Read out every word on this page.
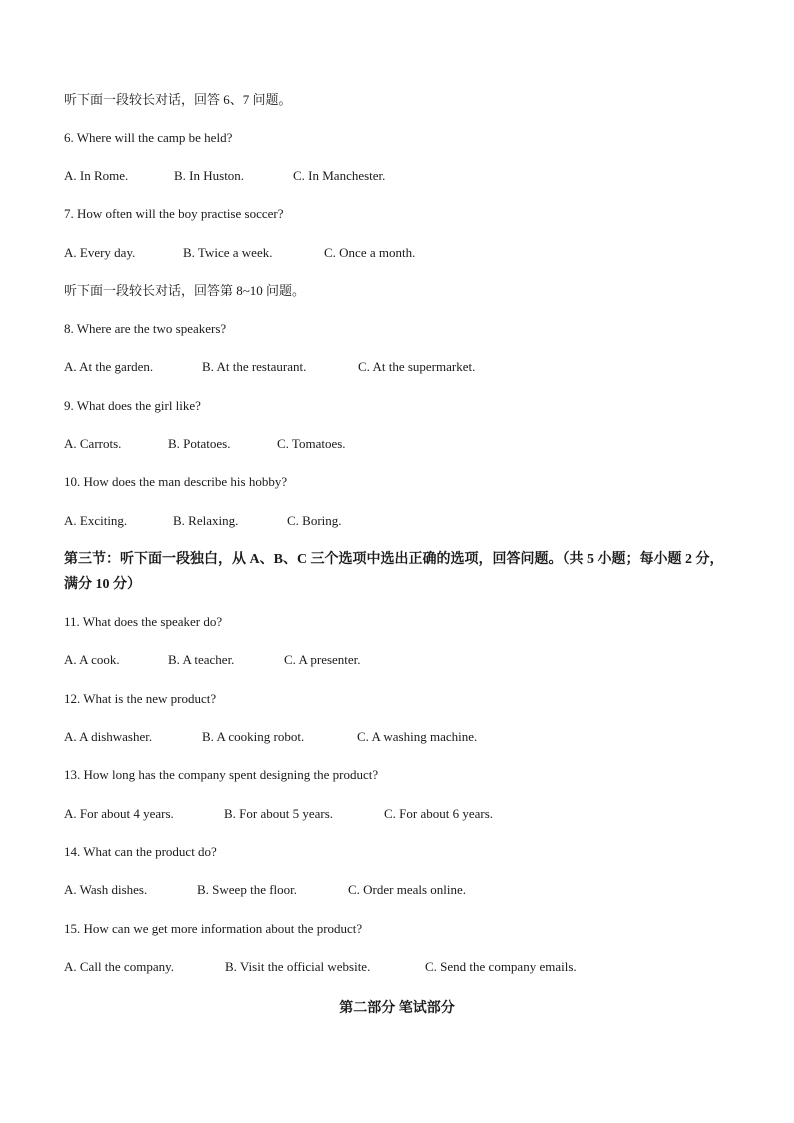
听下面一段较长对话，回答 6、7 问题。
6. Where will the camp be held?
A. In Rome.	B. In Huston.	C. In Manchester.
7. How often will the boy practise soccer?
A. Every day.	B. Twice a week.	C. Once a month.
听下面一段较长对话，回答第 8~10 问题。
8. Where are the two speakers?
A. At the garden.	B. At the restaurant.	C. At the supermarket.
9. What does the girl like?
A. Carrots.	B. Potatoes.	C. Tomatoes.
10. How does the man describe his hobby?
A. Exciting.	B. Relaxing.	C. Boring.
第三节：听下面一段独白，从 A、B、C 三个选项中选出正确的选项，回答问题。（共 5 小题；每小题 2 分，满分 10 分）
11. What does the speaker do?
A. A cook.	B. A teacher.	C. A presenter.
12. What is the new product?
A. A dishwasher.	B. A cooking robot.	C. A washing machine.
13. How long has the company spent designing the product?
A. For about 4 years.	B. For about 5 years.	C. For about 6 years.
14. What can the product do?
A. Wash dishes.	B. Sweep the floor.	C. Order meals online.
15. How can we get more information about the product?
A. Call the company.	B. Visit the official website.	C. Send the company emails.
第二部分 笔试部分
